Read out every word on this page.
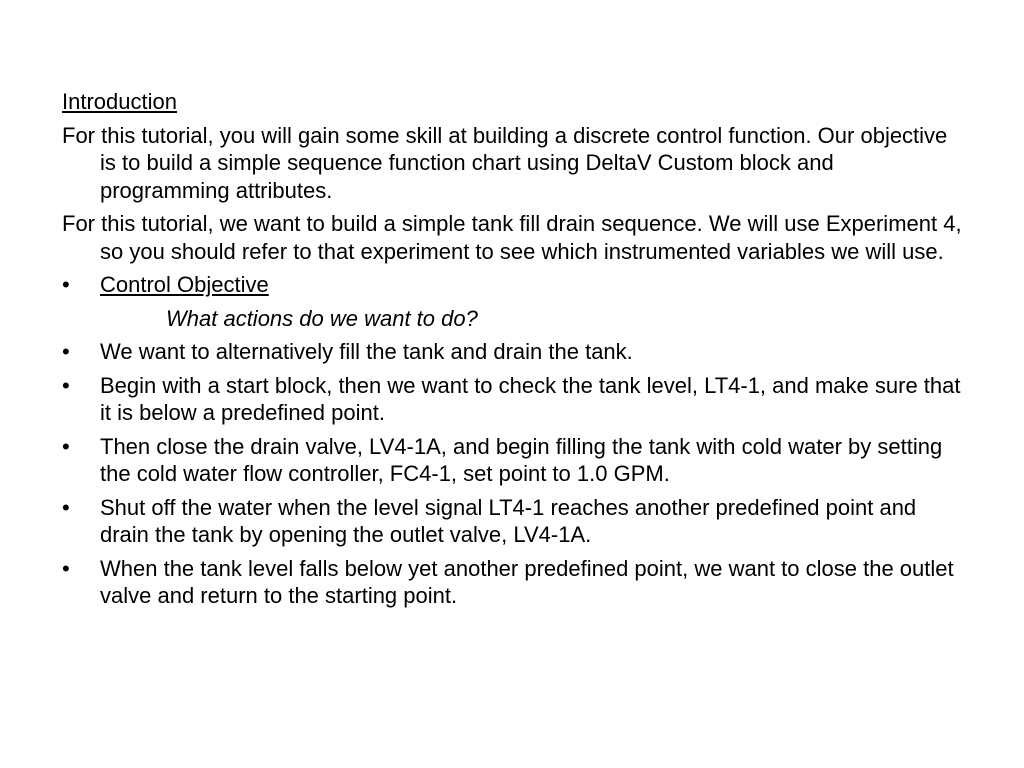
Introduction

For this tutorial, you will gain some skill at building a discrete control function. Our objective is to build a simple sequence function chart using DeltaV Custom block and programming attributes.

For this tutorial, we want to build a simple tank fill drain sequence. We will use Experiment 4, so you should refer to that experiment to see which instrumented variables we will use.

• Control Objective

What actions do we want to do?

• We want to alternatively fill the tank and drain the tank.
• Begin with a start block, then we want to check the tank level, LT4-1, and make sure that it is below a predefined point.
• Then close the drain valve, LV4-1A, and begin filling the tank with cold water by setting the cold water flow controller, FC4-1, set point to 1.0 GPM.
• Shut off the water when the level signal LT4-1 reaches another predefined point and drain the tank by opening the outlet valve, LV4-1A.
• When the tank level falls below yet another predefined point, we want to close the outlet valve and return to the starting point.
